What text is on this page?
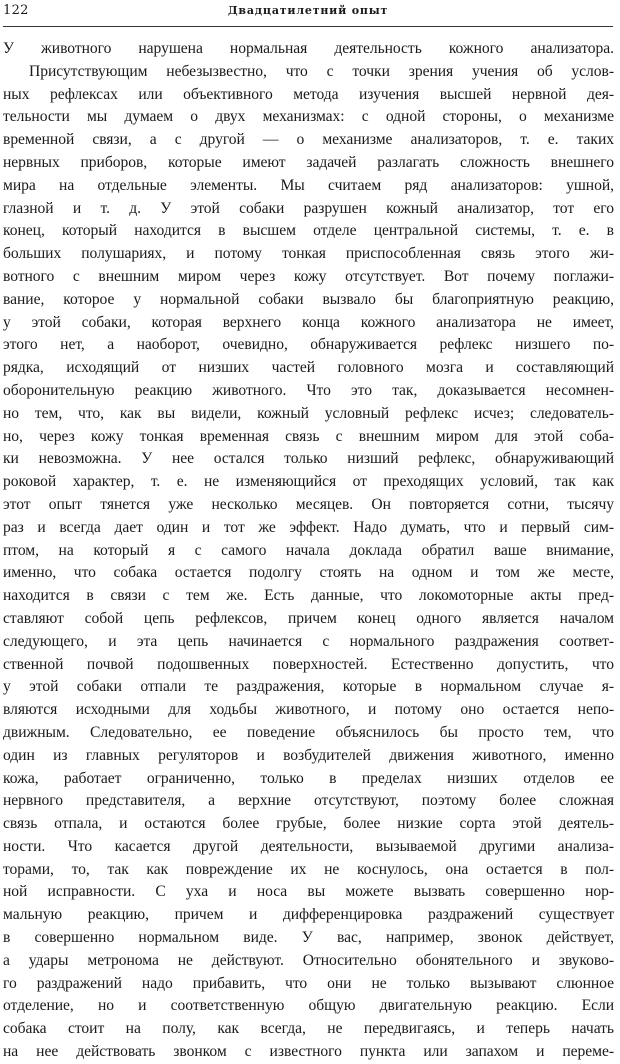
122	Двадцатилетний опыт
У животного нарушена нормальная деятельность кожного анализатора.
Присутствующим небезызвестно, что с точки зрения учения об услов-
ных рефлексах или объективного метода изучения высшей нервной дея-
тельности мы думаем о двух механизмах: с одной стороны, о механизме
временной связи, а с другой — о механизме анализаторов, т. е. таких
нервных приборов, которые имеют задачей разлагать сложность внешнего
мира на отдельные элементы. Мы считаем ряд анализаторов: ушной,
глазной и т. д. У этой собаки разрушен кожный анализатор, тот его
конец, который находится в высшем отделе центральной системы, т. е. в
больших полушариях, и потому тонкая приспособленная связь этого жи-
вотного с внешним миром через кожу отсутствует. Вот почему поглажи-
вание, которое у нормальной собаки вызвало бы благоприятную реакцию,
у этой собаки, которая верхнего конца кожного анализатора не имеет,
этого нет, а наоборот, очевидно, обнаруживается рефлекс низшего по-
рядка, исходящий от низших частей головного мозга и составляющий
оборонительную реакцию животного. Что это так, доказывается несомнен-
но тем, что, как вы видели, кожный условный рефлекс исчез; следователь-
но, через кожу тонкая временная связь с внешним миром для этой соба-
ки невозможна. У нее остался только низший рефлекс, обнаруживающий
роковой характер, т. е. не изменяющийся от преходящих условий, так как
этот опыт тянется уже несколько месяцев. Он повторяется сотни, тысячу
раз и всегда дает один и тот же эффект. Надо думать, что и первый сим-
птом, на который я с самого начала доклада обратил ваше внимание,
именно, что собака остается подолгу стоять на одном и том же месте,
находится в связи с тем же. Есть данные, что локомоторные акты пред-
ставляют собой цепь рефлексов, причем конец одного является началом
следующего, и эта цепь начинается с нормального раздражения соответ-
ственной почвой подошвенных поверхностей. Естественно допустить, что
у этой собаки отпали те раздражения, которые в нормальном случае я-
вляются исходными для ходьбы животного, и потому оно остается непо-
движным. Следовательно, ее поведение объяснилось бы просто тем, что
один из главных регуляторов и возбудителей движения животного, именно
кожа, работает ограниченно, только в пределах низших отделов ее
нервного представителя, а верхние отсутствуют, поэтому более сложная
связь отпала, и остаются более грубые, более низкие сорта этой деятель-
ности. Что касается другой деятельности, вызываемой другими анализа-
торами, то, так как повреждение их не коснулось, она остается в пол-
ной исправности. С уха и носа вы можете вызвать совершенно нор-
мальную реакцию, причем и дифференцировка раздражений существует
в совершенно нормальном виде. У вас, например, звонок действует,
а удары метронома не действуют. Относительно обонятельного и звуково-
го раздражений надо прибавить, что они не только вызывают слюнное
отделение, но и соответственную общую двигательную реакцию. Если
собака стоит на полу, как всегда, не передвигаясь, и теперь начать
на нее действовать звонком с известного пункта или запахом и переме-
